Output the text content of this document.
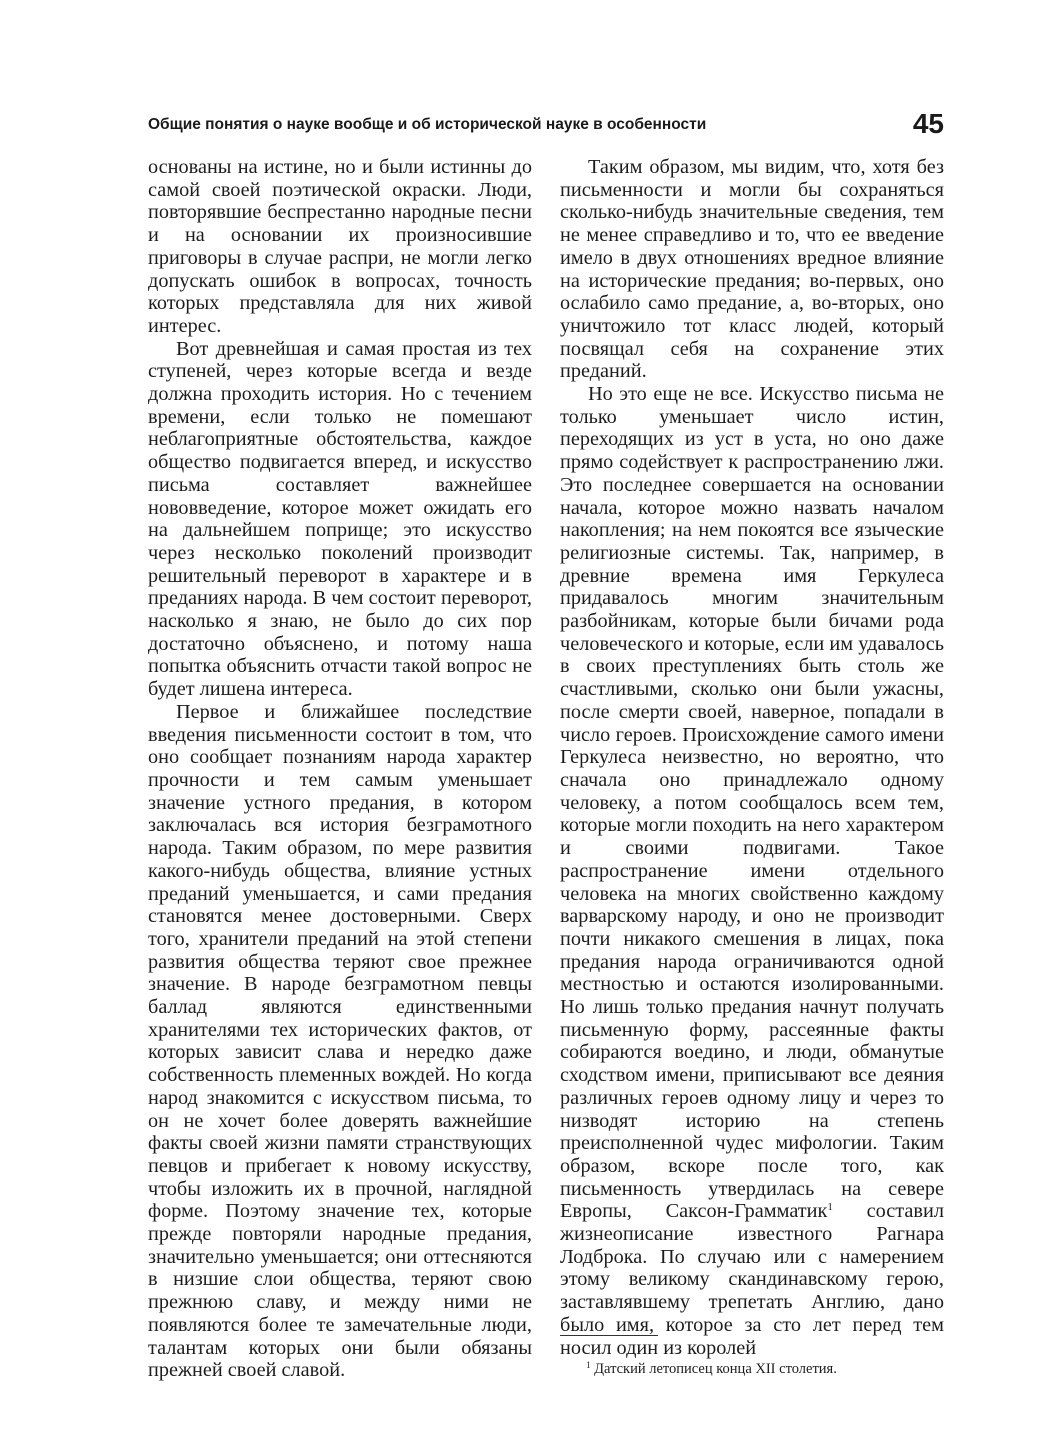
Общие понятия о науке вообще и об исторической науке в особенности	45

основаны на истине, но и были истинны до самой своей поэтической окраски. Люди, повторявшие беспрестанно народные песни и на основании их произносившие приговоры в случае распри, не могли легко допускать ошибок в вопросах, точность которых представляла для них живой интерес.

Вот древнейшая и самая простая из тех ступеней, через которые всегда и везде должна проходить история. Но с течением времени, если только не помешают неблагоприятные обстоятельства, каждое общество подвигается вперед, и искусство письма составляет важнейшее нововведение, которое может ожидать его на дальнейшем поприще; это искусство через несколько поколений производит решительный переворот в характере и в преданиях народа. В чем состоит переворот, насколько я знаю, не было до сих пор достаточно объяснено, и потому наша попытка объяснить отчасти такой вопрос не будет лишена интереса.

Первое и ближайшее последствие введения письменности состоит в том, что оно сообщает познаниям народа характер прочности и тем самым уменьшает значение устного предания, в котором заключалась вся история безграмотного народа. Таким образом, по мере развития какого-нибудь общества, влияние устных преданий уменьшается, и сами предания становятся менее достоверными. Сверх того, хранители преданий на этой степени развития общества теряют свое прежнее значение. В народе безграмотном певцы баллад являются единственными хранителями тех исторических фактов, от которых зависит слава и нередко даже собственность племенных вождей. Но когда народ знакомится с искусством письма, то он не хочет более доверять важнейшие факты своей жизни памяти странствующих певцов и прибегает к новому искусству, чтобы изложить их в прочной, наглядной форме. Поэтому значение тех, которые прежде повторяли народные предания, значительно уменьшается; они оттесняются в низшие слои общества, теряют свою прежнюю славу, и между ними не появляются более те замечательные люди, талантам которых они были обязаны прежней своей славой.

Таким образом, мы видим, что, хотя без письменности и могли бы сохраняться сколько-нибудь значительные сведения, тем не менее справедливо и то, что ее введение имело в двух отношениях вредное влияние на исторические предания; во-первых, оно ослабило само предание, а, во-вторых, оно уничтожило тот класс людей, который посвящал себя на сохранение этих преданий.

Но это еще не все. Искусство письма не только уменьшает число истин, переходящих из уст в уста, но оно даже прямо содействует к распространению лжи. Это последнее совершается на основании начала, которое можно назвать началом накопления; на нем покоятся все языческие религиозные системы. Так, например, в древние времена имя Геркулеса придавалось многим значительным разбойникам, которые были бичами рода человеческого и которые, если им удавалось в своих преступлениях быть столь же счастливыми, сколько они были ужасны, после смерти своей, наверное, попадали в число героев. Происхождение самого имени Геркулеса неизвестно, но вероятно, что сначала оно принадлежало одному человеку, а потом сообщалось всем тем, которые могли походить на него характером и своими подвигами. Такое распространение имени отдельного человека на многих свойственно каждому варварскому народу, и оно не производит почти никакого смешения в лицах, пока предания народа ограничиваются одной местностью и остаются изолированными. Но лишь только предания начнут получать письменную форму, рассеянные факты собираются воедино, и люди, обманутые сходством имени, приписывают все деяния различных героев одному лицу и через то низводят историю на степень преисполненной чудес мифологии. Таким образом, вскоре после того, как письменность утвердилась на севере Европы, Саксон-Грамматик$^1$ составил жизнеописание известного Рагнара Лодброка. По случаю или с намерением этому великому скандинавскому герою, заставлявшему трепетать Англию, дано было имя, которое за сто лет перед тем носил один из королей

$^1$ Датский летописец конца XII столетия.
